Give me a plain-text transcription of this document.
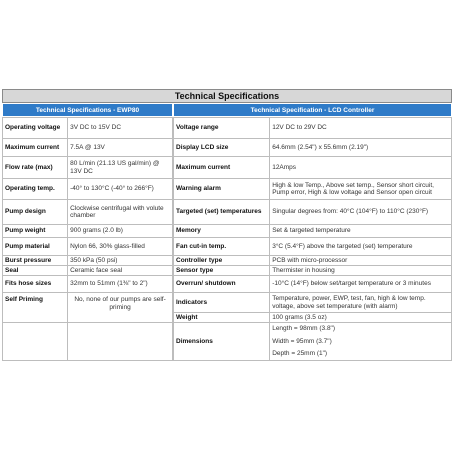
Technical Specifications
Technical Specifications - EWP80	Technical Specification - LCD Controller
Operating voltage	3V DC to 15V DC
Maximum current	7.5A @ 13V
Flow rate (max)	80 L/min (21.13 US gal/min) @ 13V DC
Operating temp.	-40° to 130°C (-40° to 266°F)
Pump design	Clockwise centrifugal with volute chamber
Pump weight	900 grams (2.0 lb)
Pump material	Nylon 66, 30% glass-filled
Burst pressure	350 kPa (50 psi)
Seal	Ceramic face seal
Fits hose sizes	32mm to 51mm (1⅜" to 2")
Self Priming	No, none of our pumps are self-priming

Voltage range	12V DC to 29V DC
Display LCD size	64.6mm (2.54") x 55.6mm (2.19")
Maximum current	12Amps
Warning alarm	High & low Temp., Above set temp., Sensor short circuit, Pump error, High & low voltage and Sensor open circuit
Targeted (set) temperatures	Singular degrees from: 40°C (104°F) to 110°C (230°F)
Memory	Set & targeted temperature
Fan cut-in temp.	3°C (5.4°F) above the targeted (set) temperature
Controller type	PCB with micro-processor
Sensor type	Thermister in housing
Overrun/ shutdown	-10°C (14°F) below set/target temperature or 3 minutes
Indicators	Temperature, power, EWP, test, fan, high & low temp. voltage, above set temperature (with alarm)
Weight	100 grams (3.5 oz)
Dimensions	Length = 98mm (3.8")
Width = 95mm (3.7")
Depth = 25mm (1")
